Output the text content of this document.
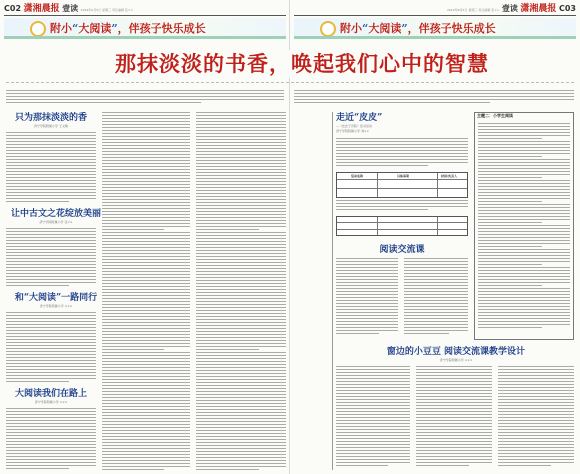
C02 潇湘晨报 壹读 2019年6月5日 星期三 责任编辑 张××
附小“大阅读”，伴孩子快乐成长
只为那抹淡淡的香
济宁学院附属小学 王文敏
让中古文之花绽放美丽
济宁学院附属小学 张××
和“大阅读”一路同行
济宁学院附属小学 ×××
大阅读我们在路上
济宁学院附属小学 ×××
2019年6月5日 星期三 责任编辑 张×× 壹读 潇湘晨报 C03
附小“大阅读”，伴孩子快乐成长
走近“皮皮”
—《皮皮子历险》读书活动
济宁学院附属小学 刘××
活动名称	具体事项	时间/负责人
阅读交流课
主题二：小学生阅读
窗边的小豆豆 阅读交流课教学设计
济宁学院附属小学 ×××
那抹淡淡的书香，唤起我们心中的智慧
